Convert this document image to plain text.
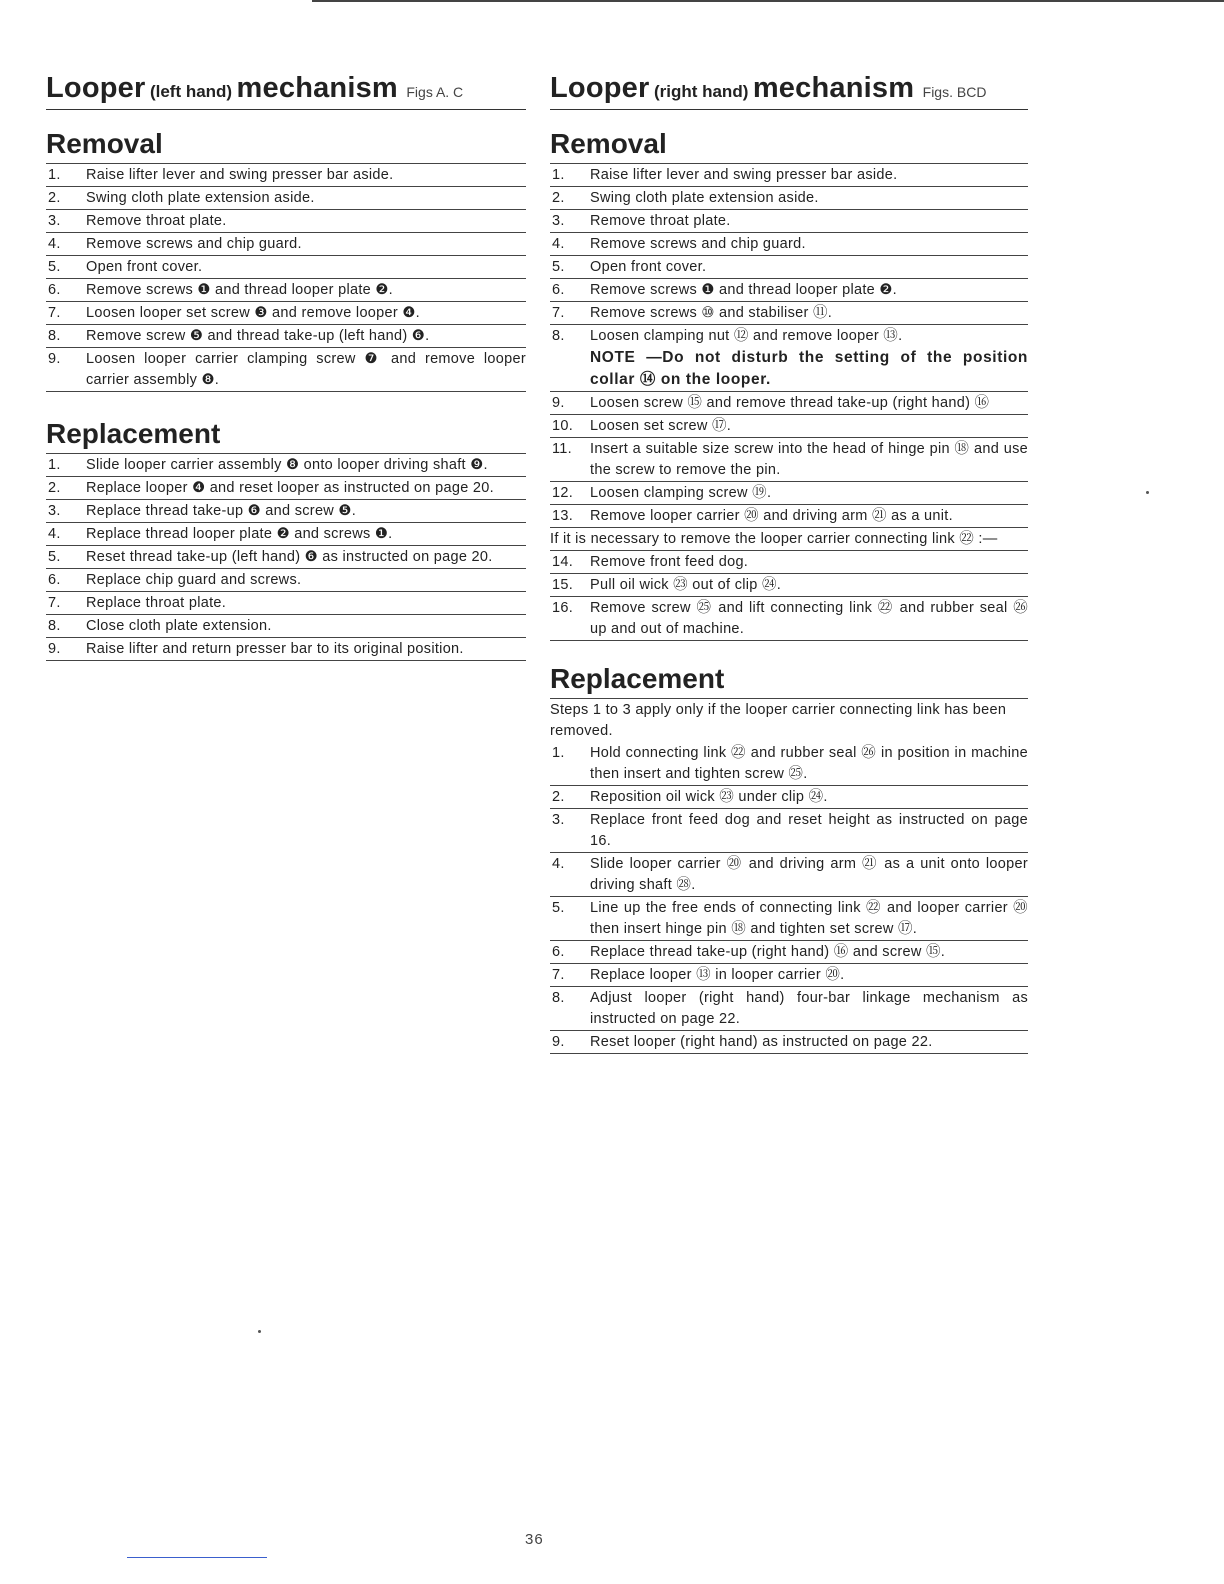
Looper (left hand) mechanism Figs A. C
Removal
1.	Raise lifter lever and swing presser bar aside.
2.	Swing cloth plate extension aside.
3.	Remove throat plate.
4.	Remove screws and chip guard.
5.	Open front cover.
6.	Remove screws ❶ and thread looper plate ❷.
7.	Loosen looper set screw ❸ and remove looper ❹.
8.	Remove screw ❺ and thread take-up (left hand) ❻.
9.	Loosen looper carrier clamping screw ❼ and remove looper carrier assembly ❽.
Replacement
1.	Slide looper carrier assembly ❽ onto looper driving shaft ❾.
2.	Replace looper ❹ and reset looper as instructed on page 20.
3.	Replace thread take-up ❻ and screw ❺.
4.	Replace thread looper plate ❷ and screws ❶.
5.	Reset thread take-up (left hand) ❻ as instructed on page 20.
6.	Replace chip guard and screws.
7.	Replace throat plate.
8.	Close cloth plate extension.
9.	Raise lifter and return presser bar to its original position.
Looper (right hand) mechanism Figs. BCD
Removal
1.	Raise lifter lever and swing presser bar aside.
2.	Swing cloth plate extension aside.
3.	Remove throat plate.
4.	Remove screws and chip guard.
5.	Open front cover.
6.	Remove screws ❶ and thread looper plate ❷.
7.	Remove screws ⑩ and stabiliser ⑪.
8.	Loosen clamping nut ⑫ and remove looper ⑬.
NOTE —Do not disturb the setting of the position collar ⑭ on the looper.
9.	Loosen screw ⑮ and remove thread take-up (right hand) ⑯
10.	Loosen set screw ⑰.
11.	Insert a suitable size screw into the head of hinge pin ⑱ and use the screw to remove the pin.
12.	Loosen clamping screw ⑲.
13.	Remove looper carrier ⑳ and driving arm ㉑ as a unit.
If it is necessary to remove the looper carrier connecting link ㉒ :—
14.	Remove front feed dog.
15.	Pull oil wick ㉓ out of clip ㉔.
16.	Remove screw ㉕ and lift connecting link ㉒ and rubber seal ㉖ up and out of machine.
Replacement
Steps 1 to 3 apply only if the looper carrier connecting link has been removed.
1.	Hold connecting link ㉒ and rubber seal ㉖ in position in machine then insert and tighten screw ㉕.
2.	Reposition oil wick ㉓ under clip ㉔.
3.	Replace front feed dog and reset height as instructed on page 16.
4.	Slide looper carrier ⑳ and driving arm ㉑ as a unit onto looper driving shaft ㉘.
5.	Line up the free ends of connecting link ㉒ and looper carrier ⑳ then insert hinge pin ⑱ and tighten set screw ⑰.
6.	Replace thread take-up (right hand) ⑯ and screw ⑮.
7.	Replace looper ⑬ in looper carrier ⑳.
8.	Adjust looper (right hand) four-bar linkage mechanism as instructed on page 22.
9.	Reset looper (right hand) as instructed on page 22.
36
